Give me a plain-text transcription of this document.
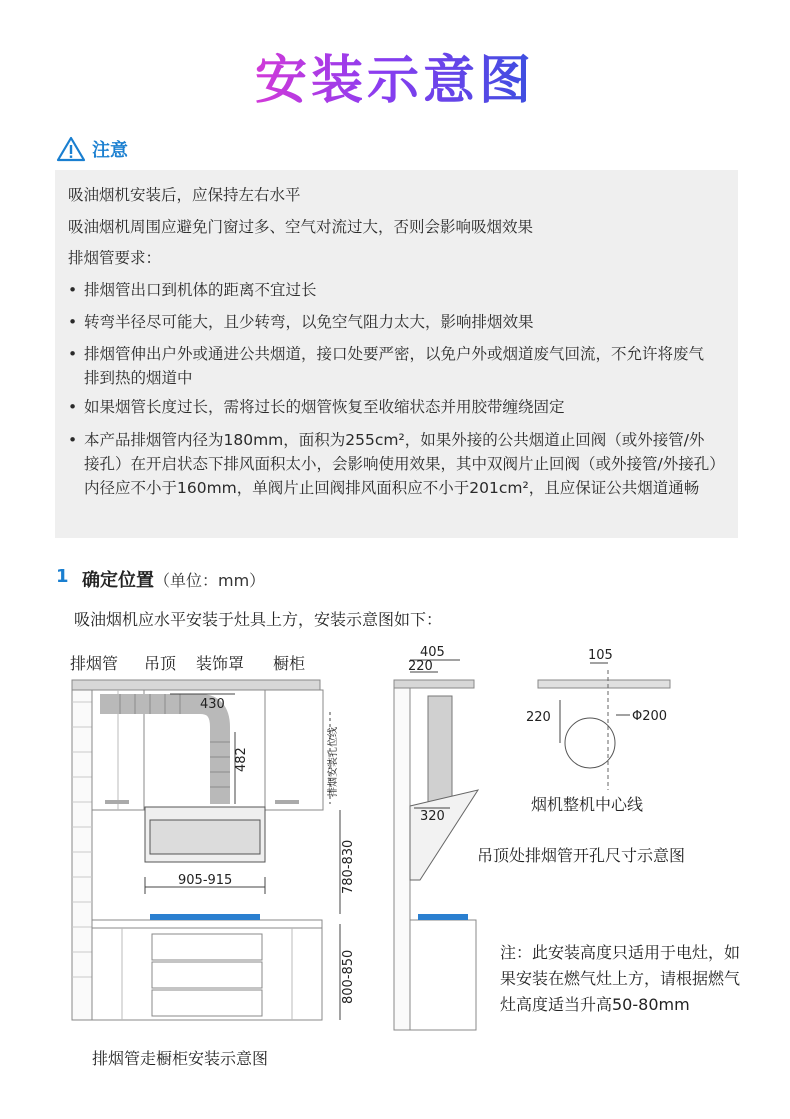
安装示意图
注意
吸油烟机安装后，应保持左右水平
吸油烟机周围应避免门窗过多、空气对流过大，否则会影响吸烟效果
排烟管要求：
• 排烟管出口到机体的距离不宜过长
• 转弯半径尽可能大，且少转弯，以免空气阻力太大，影响排烟效果
• 排烟管伸出户外或通进公共烟道，接口处要严密，以免户外或烟道废气回流，不允许将废气排到热的烟道中
• 如果烟管长度过长，需将过长的烟管恢复至收缩状态并用胶带缠绕固定
• 本产品排烟管内径为180mm，面积为255cm²，如果外接的公共烟道止回阀（或外接管/外接孔）在开启状态下排风面积太小，会影响使用效果，其中双阀片止回阀（或外接管/外接孔）内径应不小于160mm，单阀片止回阀排风面积应不小于201cm²，且应保证公共烟道通畅
1 确定位置（单位：mm）
吸油烟机应水平安装于灶具上方，安装示意图如下：
排烟管 吊顶 装饰罩 橱柜
430
482
905-915
排烟安装孔位线
780-830
800-850
排烟管走橱柜安装示意图
405
220
320
105
220	Φ200
烟机整机中心线
吊顶处排烟管开孔尺寸示意图
注：此安装高度只适用于电灶，如果安装在燃气灶上方，请根据燃气灶高度适当升高50-80mm
